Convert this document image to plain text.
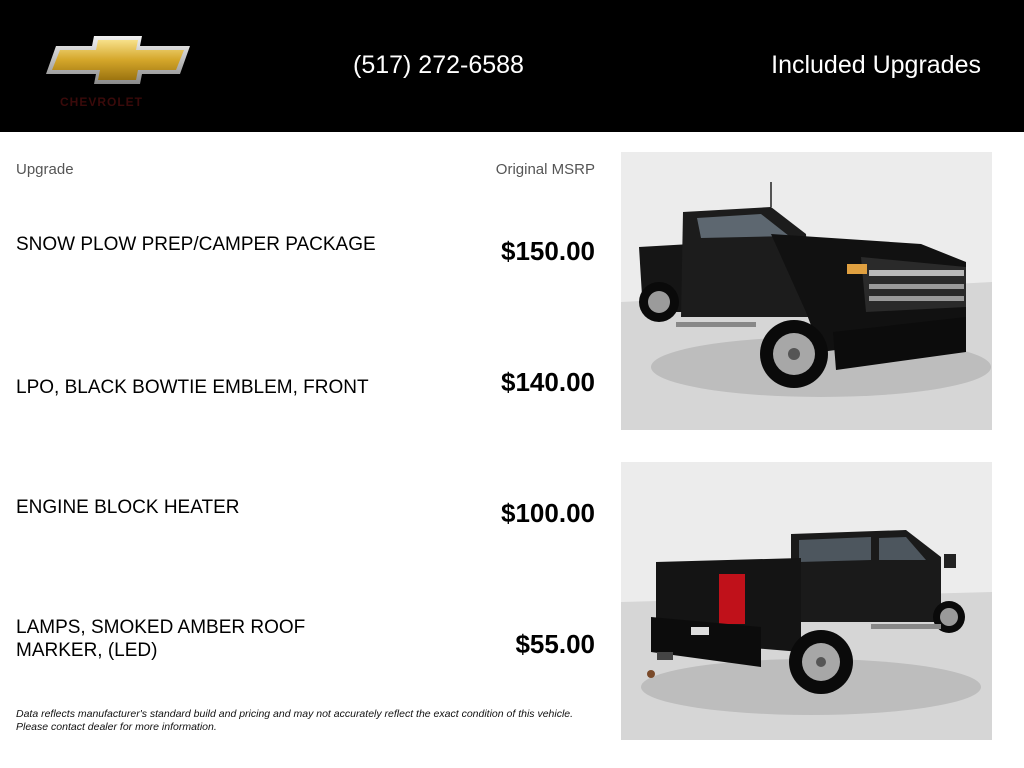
CHEVROLET
(517) 272-6588	Included Upgrades
Upgrade	Original MSRP
SNOW PLOW PREP/CAMPER PACKAGE	$150.00
LPO, BLACK BOWTIE EMBLEM, FRONT	$140.00
ENGINE BLOCK HEATER	$100.00
LAMPS, SMOKED AMBER ROOF MARKER, (LED)	$55.00
Data reflects manufacturer's standard build and pricing and may not accurately reflect the exact condition of this vehicle. Please contact dealer for more information.
